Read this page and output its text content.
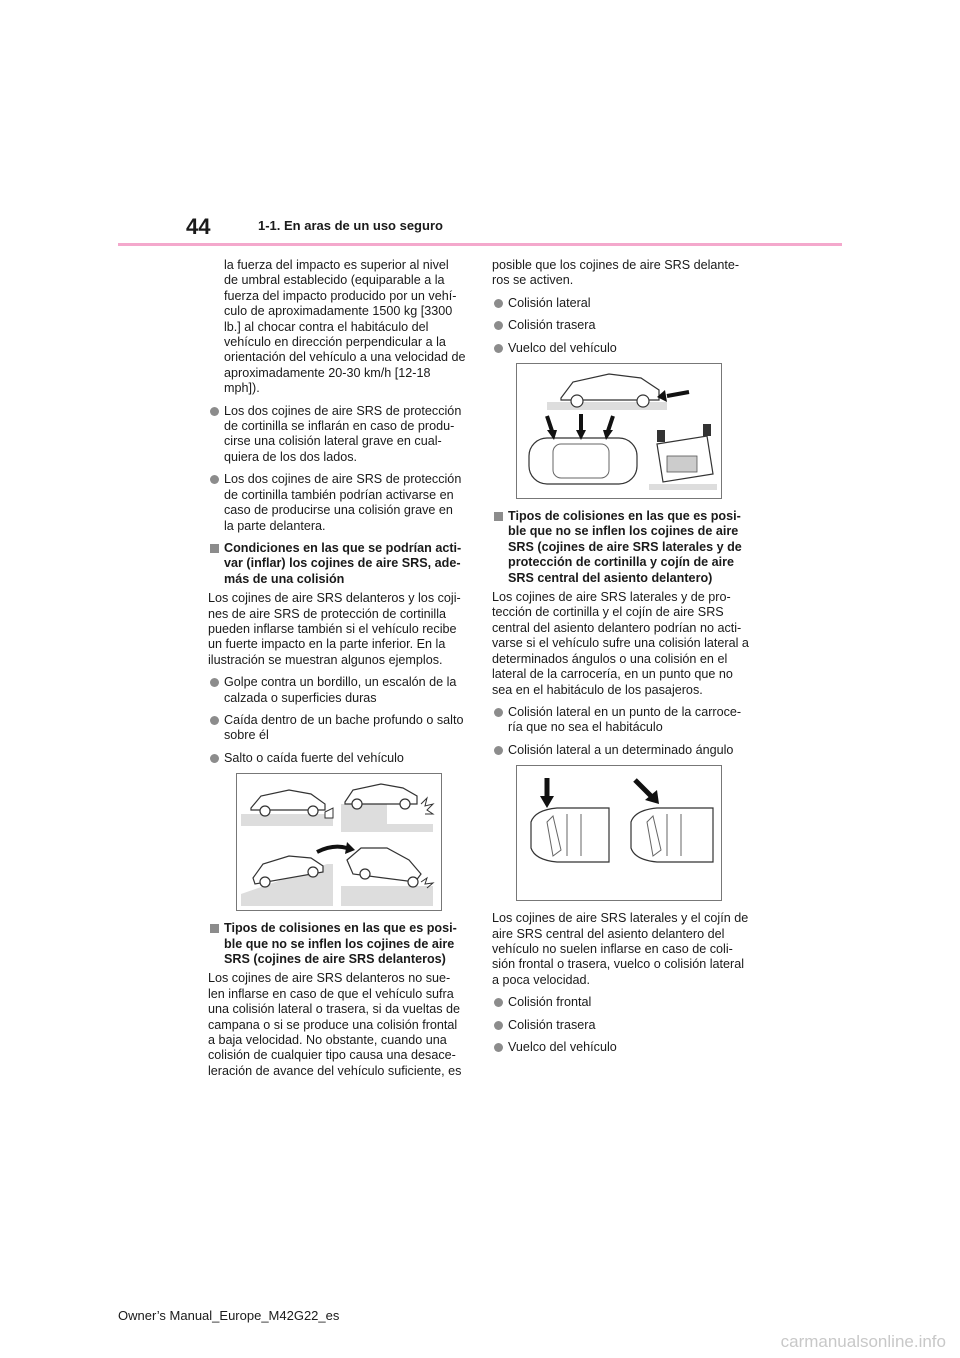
44	1-1. En aras de un uso seguro

la fuerza del impacto es superior al nivel de umbral establecido (equiparable a la fuerza del impacto producido por un vehí-culo de aproximadamente 1500 kg [3300 lb.] al chocar contra el habitáculo del vehículo en dirección perpendicular a la orientación del vehículo a una velocidad de aproximadamente 20-30 km/h [12-18 mph]).

Los dos cojines de aire SRS de protección de cortinilla se inflarán en caso de produ-cirse una colisión lateral grave en cual-quiera de los dos lados.
Los dos cojines de aire SRS de protección de cortinilla también podrían activarse en caso de producirse una colisión grave en la parte delantera.
Condiciones en las que se podrían acti-var (inflar) los cojines de aire SRS, ade-más de una colisión

Los cojines de aire SRS delanteros y los coji-nes de aire SRS de protección de cortinilla pueden inflarse también si el vehículo recibe un fuerte impacto en la parte inferior. En la ilustración se muestran algunos ejemplos.

Golpe contra un bordillo, un escalón de la calzada o superficies duras
Caída dentro de un bache profundo o salto sobre él
Salto o caída fuerte del vehículo
Tipos de colisiones en las que es posi-ble que no se inflen los cojines de aire SRS (cojines de aire SRS delanteros)

Los cojines de aire SRS delanteros no sue-len inflarse en caso de que el vehículo sufra una colisión lateral o trasera, si da vueltas de campana o si se produce una colisión frontal a baja velocidad. No obstante, cuando una colisión de cualquier tipo causa una desace-leración de avance del vehículo suficiente, es

posible que los cojines de aire SRS delante-ros se activen.

Colisión lateral
Colisión trasera
Vuelco del vehículo
Tipos de colisiones en las que es posi-ble que no se inflen los cojines de aire SRS (cojines de aire SRS laterales y de protección de cortinilla y cojín de aire SRS central del asiento delantero)

Los cojines de aire SRS laterales y de pro-tección de cortinilla y el cojín de aire SRS central del asiento delantero podrían no acti-varse si el vehículo sufre una colisión lateral a determinados ángulos o una colisión en el lateral de la carrocería, en un punto que no sea en el habitáculo de los pasajeros.

Colisión lateral en un punto de la carroce-ría que no sea el habitáculo
Colisión lateral a un determinado ángulo

Los cojines de aire SRS laterales y el cojín de aire SRS central del asiento delantero del vehículo no suelen inflarse en caso de coli-sión frontal o trasera, vuelco o colisión lateral a poca velocidad.

Colisión frontal
Colisión trasera
Vuelco del vehículo
Owner’s Manual_Europe_M42G22_es
carmanualsonline.info
